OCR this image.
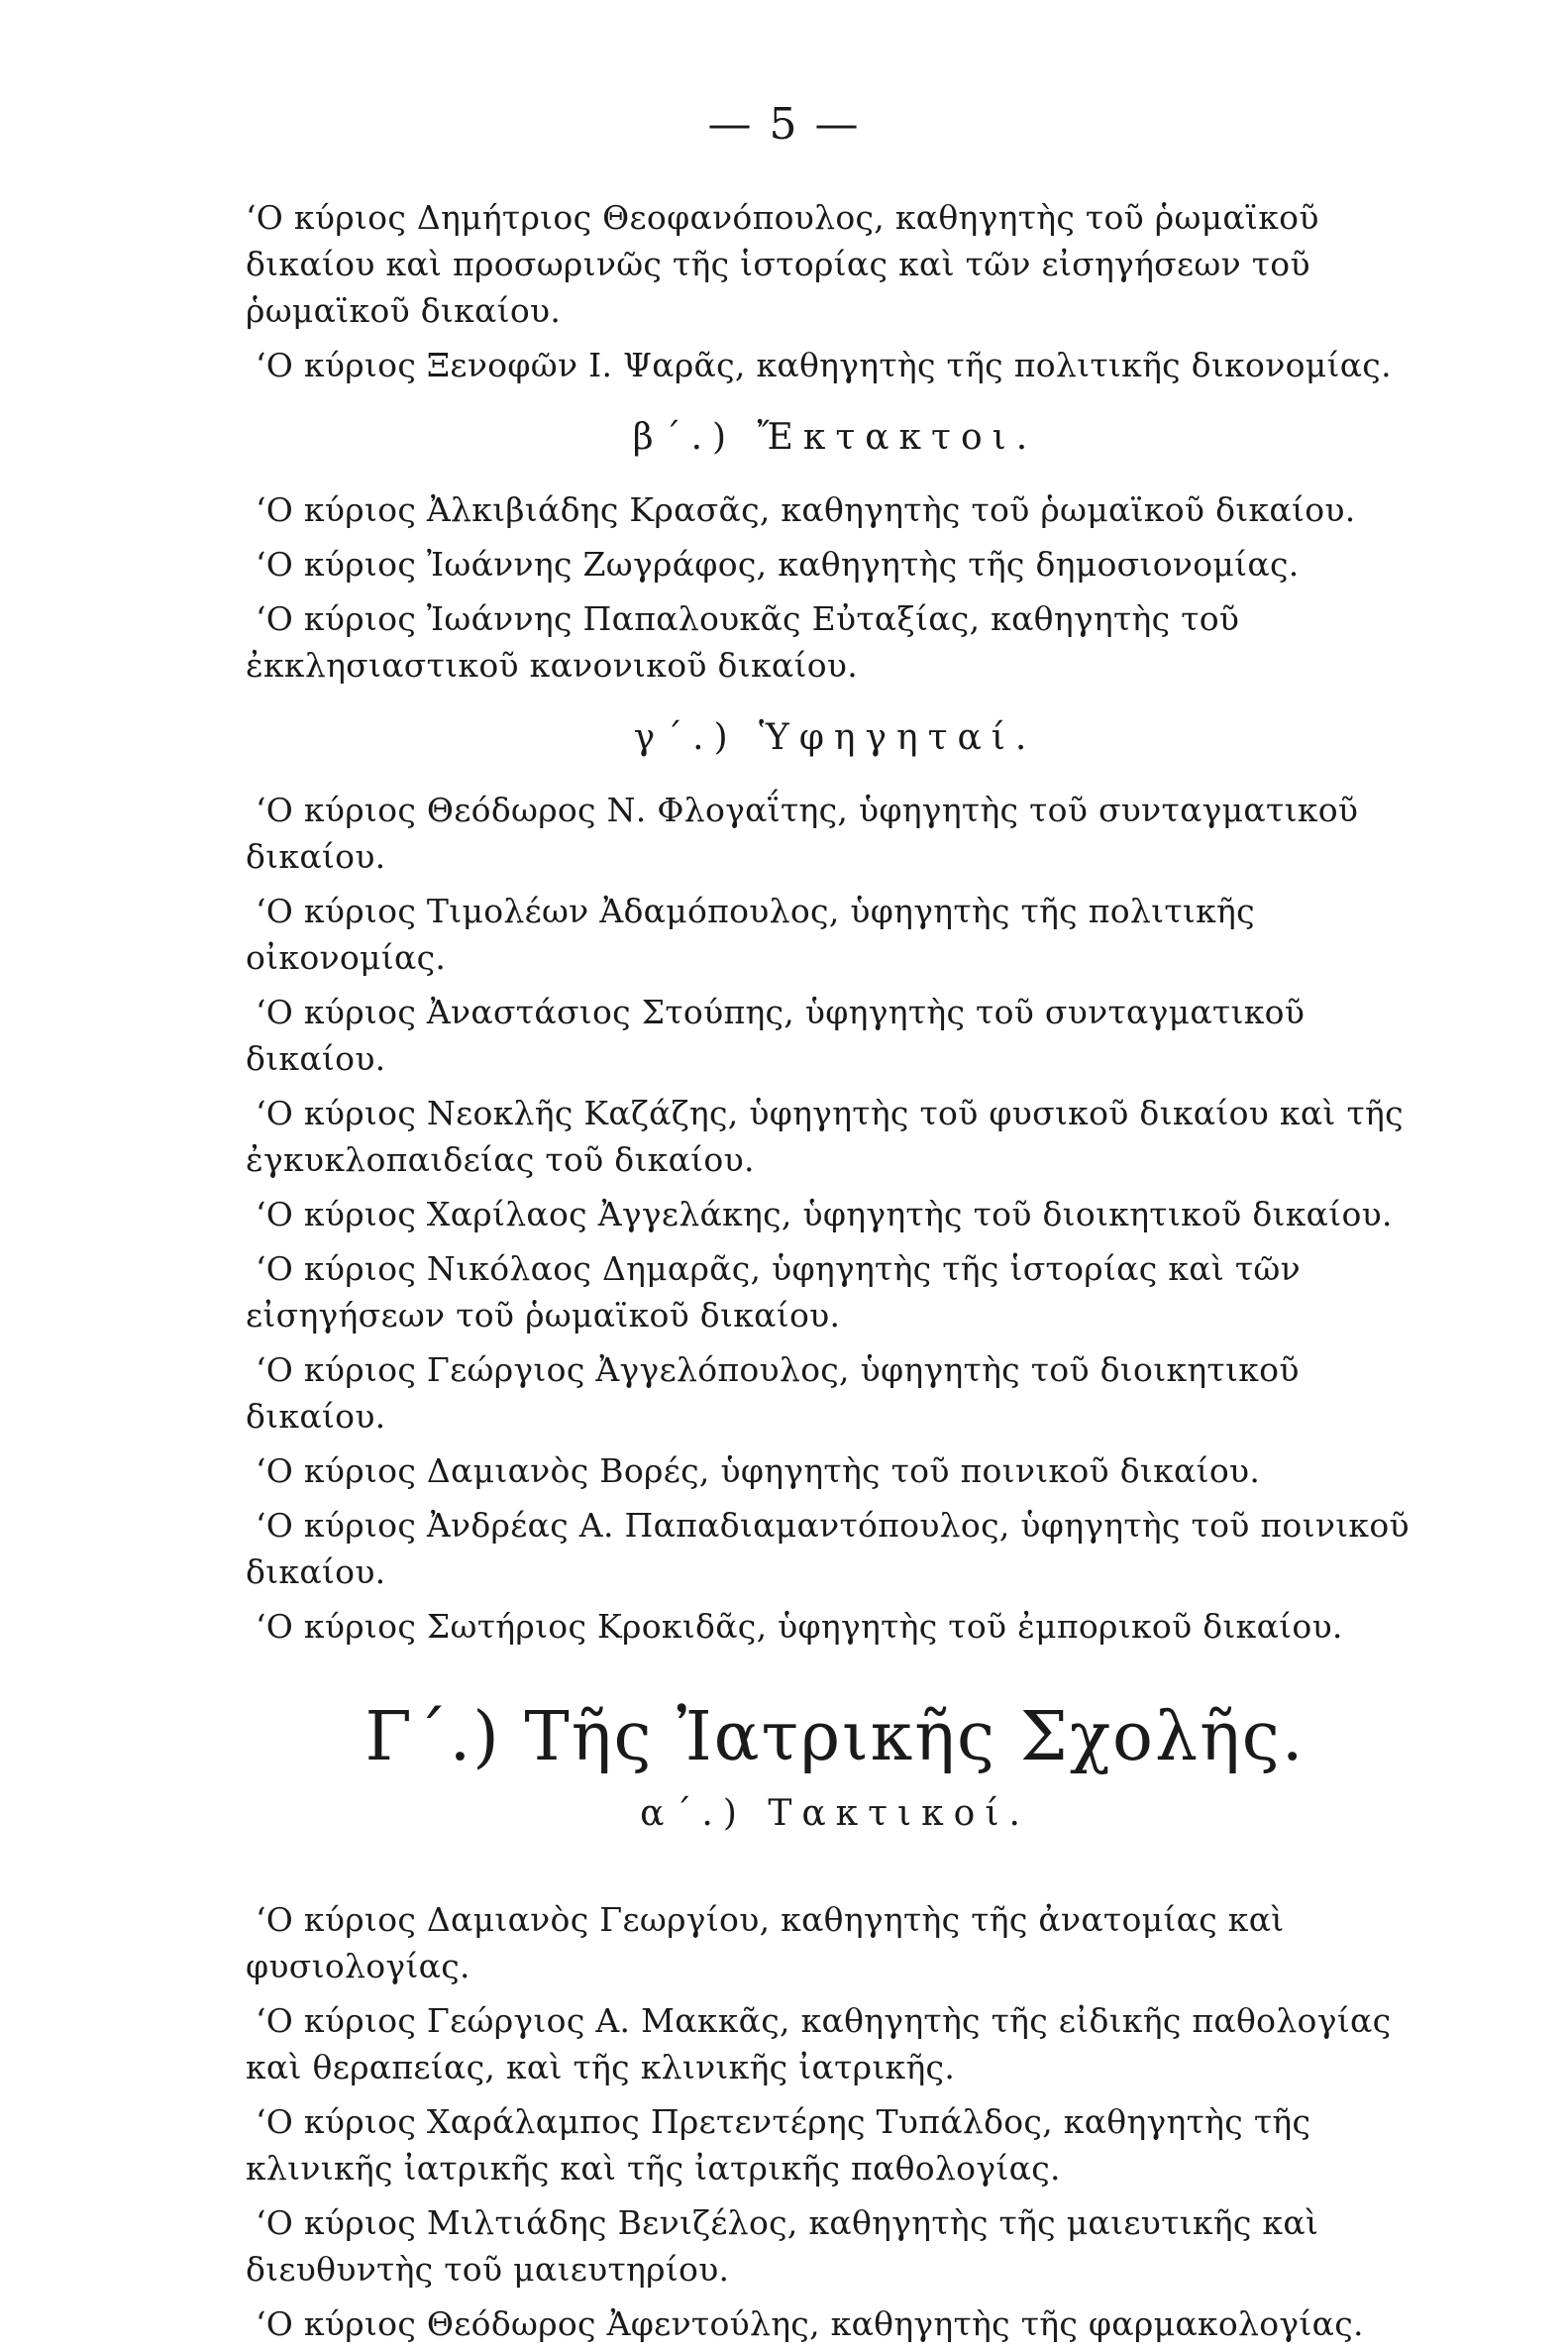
— 5 —

‘Ο κύριος Δημήτριος Θεοφανόπουλος, καθηγητὴς τοῦ ῥωμαϊκοῦ δικαίου καὶ προσωρινῶς τῆς ἱστορίας καὶ τῶν εἰσηγήσεων τοῦ ῥωμαϊκοῦ δικαίου.

‘Ο κύριος Ξενοφῶν Ι. Ψαρᾶς, καθηγητὴς τῆς πολιτικῆς δικονομίας.

β΄.) Ἔκτακτοι.

‘Ο κύριος Ἀλκιβιάδης Κρασᾶς, καθηγητὴς τοῦ ῥωμαϊκοῦ δικαίου.

‘Ο κύριος Ἰωάννης Ζωγράφος, καθηγητὴς τῆς δημοσιονομίας.

‘Ο κύριος Ἰωάννης Παπαλουκᾶς Εὐταξίας, καθηγητὴς τοῦ ἐκκλησιαστικοῦ κανονικοῦ δικαίου.

γ΄.) Ὑφηγηταί.

‘Ο κύριος Θεόδωρος Ν. Φλογαΐτης, ὑφηγητὴς τοῦ συνταγματικοῦ δικαίου.

‘Ο κύριος Τιμολέων Ἀδαμόπουλος, ὑφηγητὴς τῆς πολιτικῆς οἰκονομίας.

‘Ο κύριος Ἀναστάσιος Στούπης, ὑφηγητὴς τοῦ συνταγματικοῦ δικαίου.

‘Ο κύριος Νεοκλῆς Καζάζης, ὑφηγητὴς τοῦ φυσικοῦ δικαίου καὶ τῆς ἐγκυκλοπαιδείας τοῦ δικαίου.

‘Ο κύριος Χαρίλαος Ἀγγελάκης, ὑφηγητὴς τοῦ διοικητικοῦ δικαίου.

‘Ο κύριος Νικόλαος Δημαρᾶς, ὑφηγητὴς τῆς ἱστορίας καὶ τῶν εἰσηγήσεων τοῦ ῥωμαϊκοῦ δικαίου.

‘Ο κύριος Γεώργιος Ἀγγελόπουλος, ὑφηγητὴς τοῦ διοικητικοῦ δικαίου.

‘Ο κύριος Δαμιανὸς Βορές, ὑφηγητὴς τοῦ ποινικοῦ δικαίου.

‘Ο κύριος Ἀνδρέας Α. Παπαδιαμαντόπουλος, ὑφηγητὴς τοῦ ποινικοῦ δικαίου.

‘Ο κύριος Σωτήριος Κροκιδᾶς, ὑφηγητὴς τοῦ ἐμπορικοῦ δικαίου.

Γ΄.) Τῆς Ἰατρικῆς Σχολῆς.
α΄.) Τακτικοί.

‘Ο κύριος Δαμιανὸς Γεωργίου, καθηγητὴς τῆς ἀνατομίας καὶ φυσιολογίας.

‘Ο κύριος Γεώργιος Α. Μακκᾶς, καθηγητὴς τῆς εἰδικῆς παθολογίας καὶ θεραπείας, καὶ τῆς κλινικῆς ἰατρικῆς.

‘Ο κύριος Χαράλαμπος Πρετεντέρης Τυπάλδος, καθηγητὴς τῆς κλινικῆς ἰατρικῆς καὶ τῆς ἰατρικῆς παθολογίας.

‘Ο κύριος Μιλτιάδης Βενιζέλος, καθηγητὴς τῆς μαιευτικῆς καὶ διευθυντὴς τοῦ μαιευτηρίου.

‘Ο κύριος Θεόδωρος Ἀφεντούλης, καθηγητὴς τῆς φαρμακολογίας.
